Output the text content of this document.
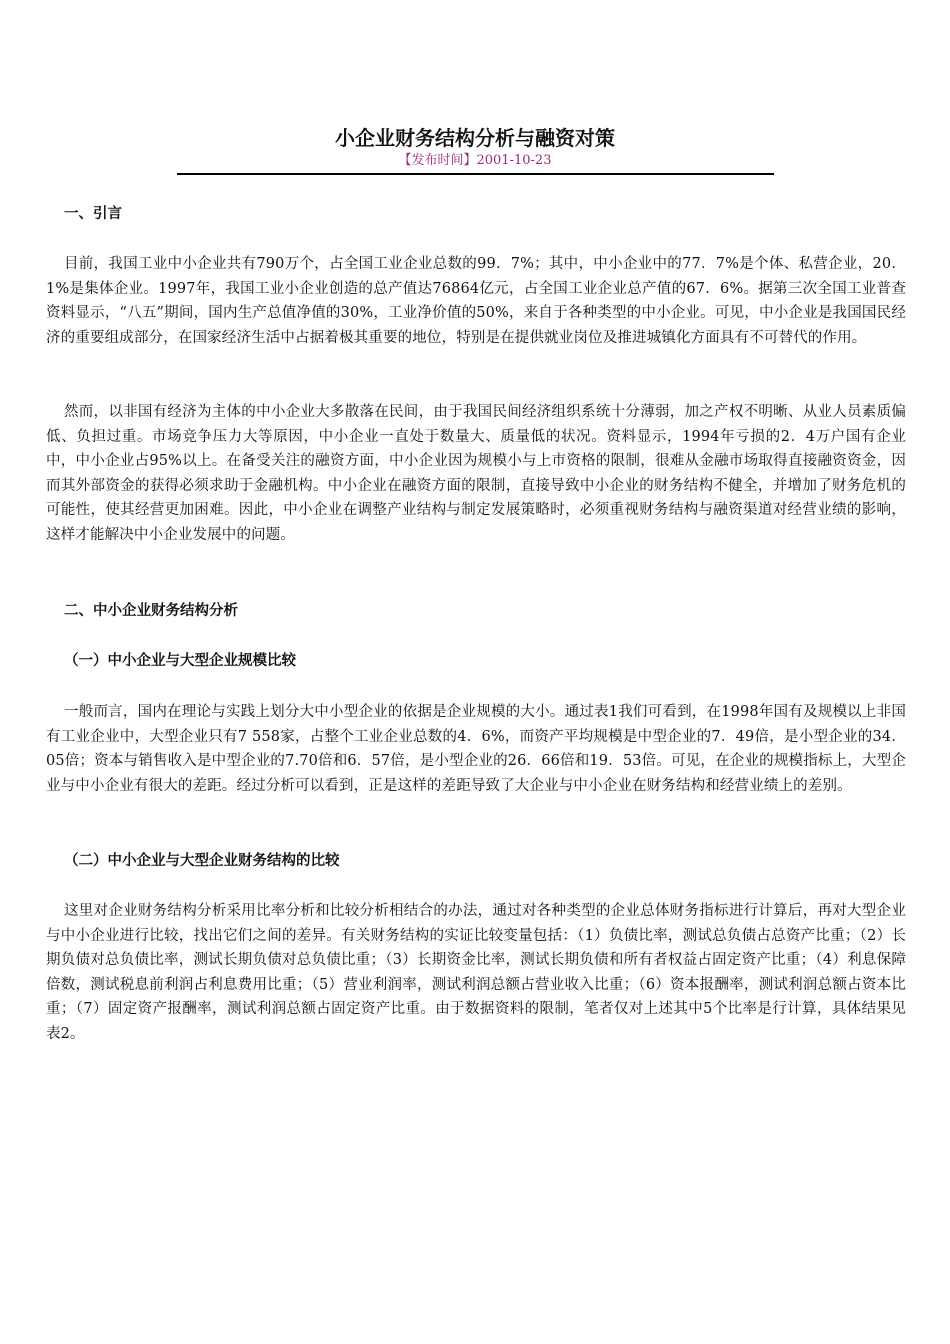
小企业财务结构分析与融资对策
【发布时间】2001-10-23
一、引言
目前，我国工业中小企业共有790万个，占全国工业企业总数的99．7%；其中，中小企业中的77．7%是个体、私营企业，20．1%是集体企业。1997年，我国工业小企业创造的总产值达76864亿元，占全国工业企业总产值的67．6%。据第三次全国工业普查资料显示，“八五”期间，国内生产总值净值的30%，工业净价值的50%，来自于各种类型的中小企业。可见，中小企业是我国国民经济的重要组成部分，在国家经济生活中占据着极其重要的地位，特别是在提供就业岗位及推进城镇化方面具有不可替代的作用。
然而，以非国有经济为主体的中小企业大多散落在民间，由于我国民间经济组织系统十分薄弱，加之产权不明晰、从业人员素质偏低、负担过重。市场竞争压力大等原因，中小企业一直处于数量大、质量低的状况。资料显示，1994年亏损的2．4万户国有企业中，中小企业占95%以上。在备受关注的融资方面，中小企业因为规模小与上市资格的限制，很难从金融市场取得直接融资资金，因而其外部资金的获得必须求助于金融机构。中小企业在融资方面的限制，直接导致中小企业的财务结构不健全，并增加了财务危机的可能性，使其经营更加困难。因此，中小企业在调整产业结构与制定发展策略时，必须重视财务结构与融资渠道对经营业绩的影响，这样才能解决中小企业发展中的问题。
二、中小企业财务结构分析
（一）中小企业与大型企业规模比较
一般而言，国内在理论与实践上划分大中小型企业的依据是企业规模的大小。通过表1我们可看到，在1998年国有及规模以上非国有工业企业中，大型企业只有7 558家，占整个工业企业总数的4．6%，而资产平均规模是中型企业的7．49倍，是小型企业的34．05倍；资本与销售收入是中型企业的7.70倍和6．57倍，是小型企业的26．66倍和19．53倍。可见，在企业的规模指标上，大型企业与中小企业有很大的差距。经过分析可以看到，正是这样的差距导致了大企业与中小企业在财务结构和经营业绩上的差别。
（二）中小企业与大型企业财务结构的比较
这里对企业财务结构分析采用比率分析和比较分析相结合的办法，通过对各种类型的企业总体财务指标进行计算后，再对大型企业与中小企业进行比较，找出它们之间的差异。有关财务结构的实证比较变量包括：（1）负债比率，测试总负债占总资产比重；（2）长期负债对总负债比率，测试长期负债对总负债比重；（3）长期资金比率，测试长期负债和所有者权益占固定资产比重；（4）利息保障倍数，测试税息前利润占利息费用比重；（5）营业利润率，测试利润总额占营业收入比重；（6）资本报酬率，测试利润总额占资本比重；（7）固定资产报酬率，测试利润总额占固定资产比重。由于数据资料的限制，笔者仅对上述其中5个比率是行计算，具体结果见表2。
